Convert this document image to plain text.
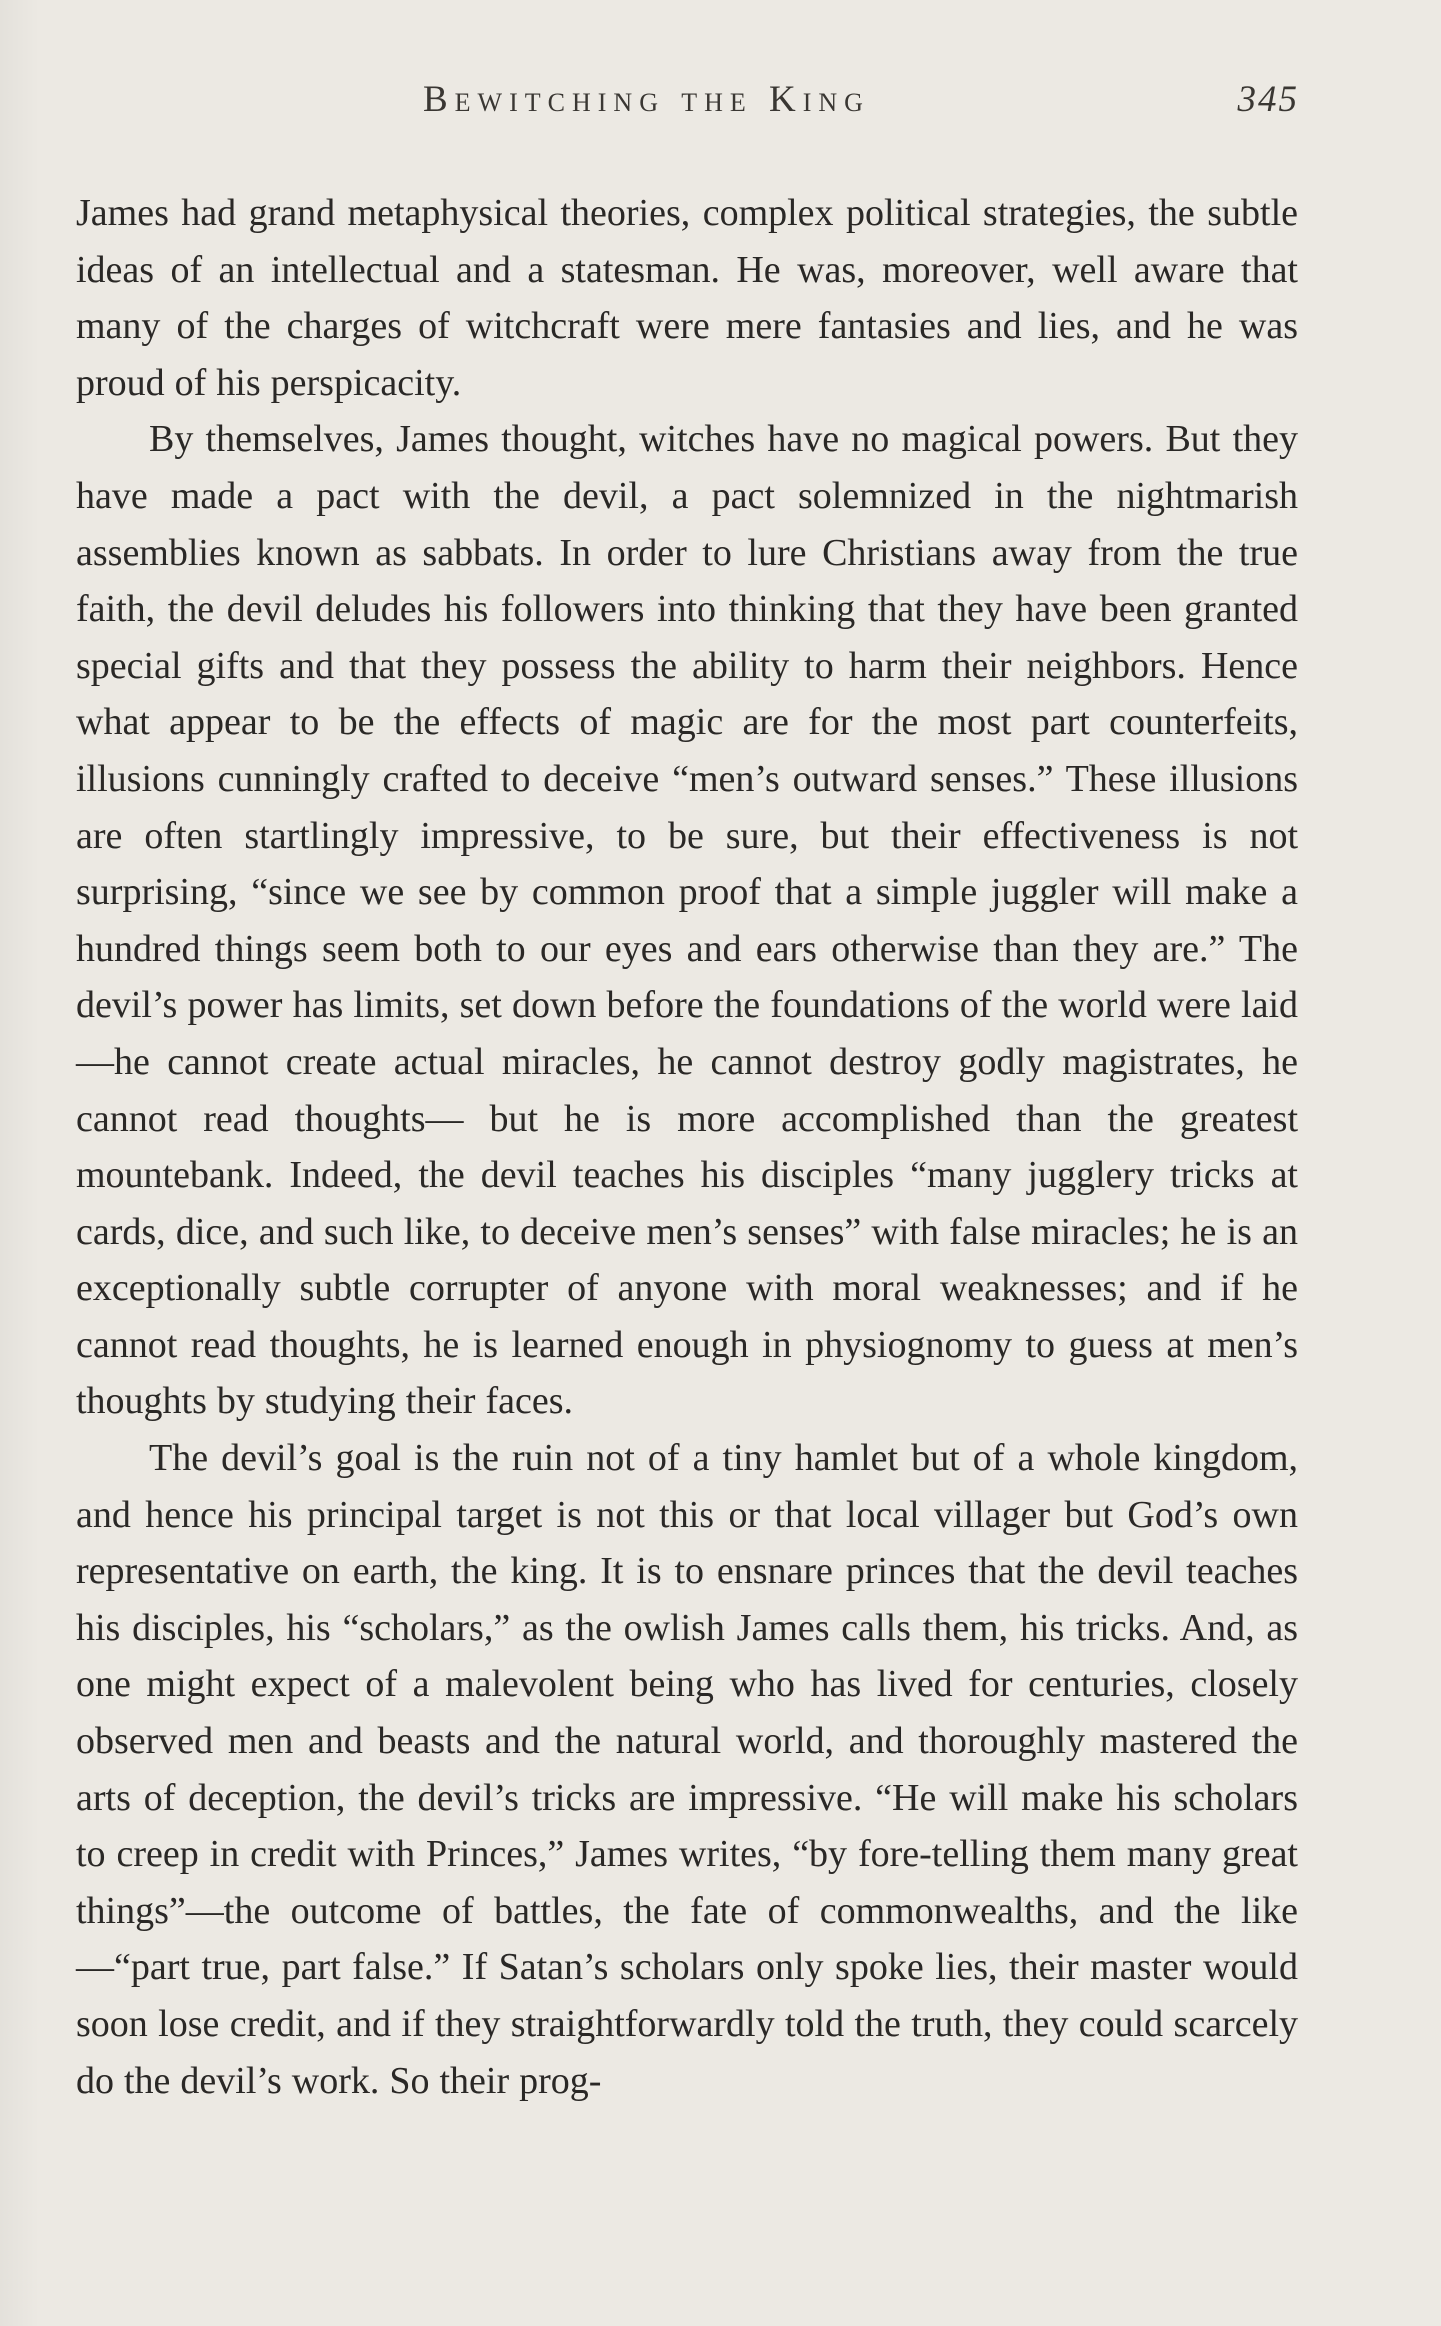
Bewitching the King	345

James had grand metaphysical theories, complex political strategies, the subtle ideas of an intellectual and a statesman. He was, moreover, well aware that many of the charges of witchcraft were mere fantasies and lies, and he was proud of his perspicacity.

By themselves, James thought, witches have no magical powers. But they have made a pact with the devil, a pact solemnized in the nightmarish assemblies known as sabbats. In order to lure Christians away from the true faith, the devil deludes his followers into thinking that they have been granted special gifts and that they possess the ability to harm their neighbors. Hence what appear to be the effects of magic are for the most part counterfeits, illusions cunningly crafted to deceive “men’s outward senses.” These illusions are often startlingly impressive, to be sure, but their effectiveness is not surprising, “since we see by common proof that a simple juggler will make a hundred things seem both to our eyes and ears otherwise than they are.” The devil’s power has limits, set down before the foundations of the world were laid—he cannot create actual miracles, he cannot destroy godly magistrates, he cannot read thoughts— but he is more accomplished than the greatest mountebank. Indeed, the devil teaches his disciples “many jugglery tricks at cards, dice, and such like, to deceive men’s senses” with false miracles; he is an exceptionally subtle corrupter of anyone with moral weaknesses; and if he cannot read thoughts, he is learned enough in physiognomy to guess at men’s thoughts by studying their faces.

The devil’s goal is the ruin not of a tiny hamlet but of a whole kingdom, and hence his principal target is not this or that local villager but God’s own representative on earth, the king. It is to ensnare princes that the devil teaches his disciples, his “scholars,” as the owlish James calls them, his tricks. And, as one might expect of a malevolent being who has lived for centuries, closely observed men and beasts and the natural world, and thoroughly mastered the arts of deception, the devil’s tricks are impressive. “He will make his scholars to creep in credit with Princes,” James writes, “by fore-telling them many great things”—the outcome of battles, the fate of commonwealths, and the like—“part true, part false.” If Satan’s scholars only spoke lies, their master would soon lose credit, and if they straightforwardly told the truth, they could scarcely do the devil’s work. So their prog-
